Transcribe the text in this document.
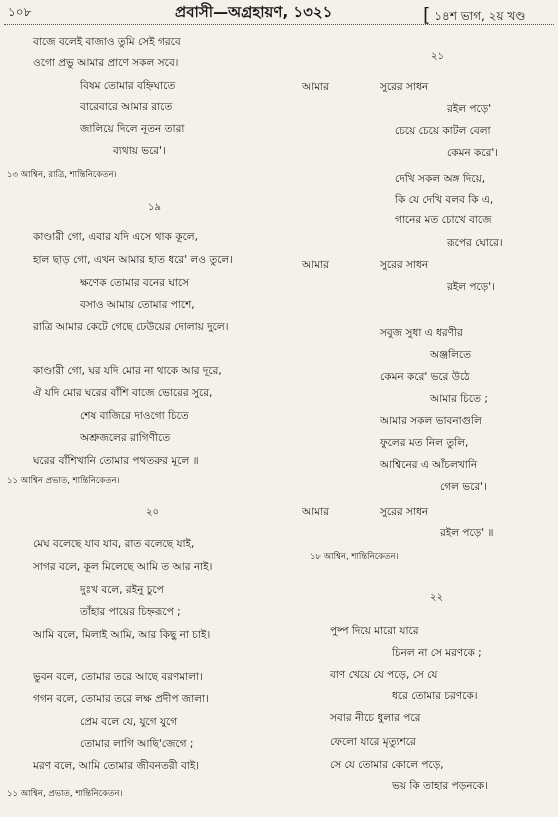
১০৮	প্রবাসী—অগ্রহায়ণ, ১৩২১	[ ১৪শ ভাগ, ২য় খণ্ড
বাজে বলেই বাজাও তুমি সেই গরবে
ওগো প্রভু আমার প্রাণে সকল সবে।
বিষম তোমার বহ্নিঘাতে
বারেবারে আমার রাতে
জালিয়ে দিলে নূতন তারা
ব্যথায় ভরে'।
১৩ আশ্বিন, রাত্রি, শান্তিনিকেতন।
১৯
কাণ্ডারী গো, এবার যদি এসে থাক কূলে,
হাল ছাড় গো, এখন আমার হাত ধরে' লও তুলে।
ক্ষণেক তোমার বনের ঘাসে
বসাও আমায় তোমার পাশে,
রাত্রি আমার কেটে গেছে ঢেউয়ের দোলায় দুলে।
কাণ্ডারী গো, ঘর যদি মোর না থাকে আর দূরে,
ঐ যদি মোর ঘরের বাঁশি বাজে ভোরের সুরে,
শেষ বাজিরে দাওগো চিতে
অশ্রুজলের রাগিণীতে
ঘরের বাঁশিখানি তোমার পথতরুর মূলে ॥
১১ আশ্বিন প্রভাত, শান্তিনিকেতন।
২০
মেঘ বলেছে যাব যাব, রাত বলেছে যাই,
সাগর বলে, কূল মিলেছে আমি ত আর নাই।
দুঃখ বলে, রইনু চুপে
তাঁহার পায়ের চিহ্নরূপে ;
আমি বলে, মিলাই আমি, আর কিছু না চাই।
ভুবন বলে, তোমার তরে আছে বরণমালা।
গগন বলে, তোমার তরে লক্ষ প্রদীপ জালা।
প্রেম বলে যে, যুগে যুগে
তোমার লাগি আছি'জেগে ;
মরণ বলে, আমি তোমার জীবনতরী বাই।
১১ আশ্বিন, প্রভাত, শান্তিনিকেতন।
২১
আমার	সুরের সাধন
রইল পড়ে'
চেয়ে চেয়ে কাটল বেলা
কেমন করে'।
দেখি সকল অঙ্গ দিয়ে,
কি যে দেখি বলব কি এ,
গানের মত চোখে বাজে
রূপের ঘোরে।
আমার	সুরের সাধন
রইল পড়ে'।
সবুজ সুধা এ ধরণীর
অঞ্জলিতে
কেমন করে' ভরে উঠে
আমার চিতে ;
আমার সকল ভাবনাগুলি
ফুলের মত নিল তুলি,
আশ্বিনের এ আঁচলখানি
গেল ভরে'।
আমার	সুরের সাধন
রইল পড়ে' ॥
১৮ আশ্বিন, শান্তিনিকেতন।
২২
পুষ্প দিয়ে মারো যারে
চিনল না সে মরণকে ;
বাণ খেয়ে যে পড়ে, সে যে
ধরে তোমার চরণকে।
সবার নীচে ধুলার পরে
ফেলো যারে মৃত্যুশরে
সে যে তোমার কোলে পড়ে,
ভয় কি তাহার পড়নকে।
